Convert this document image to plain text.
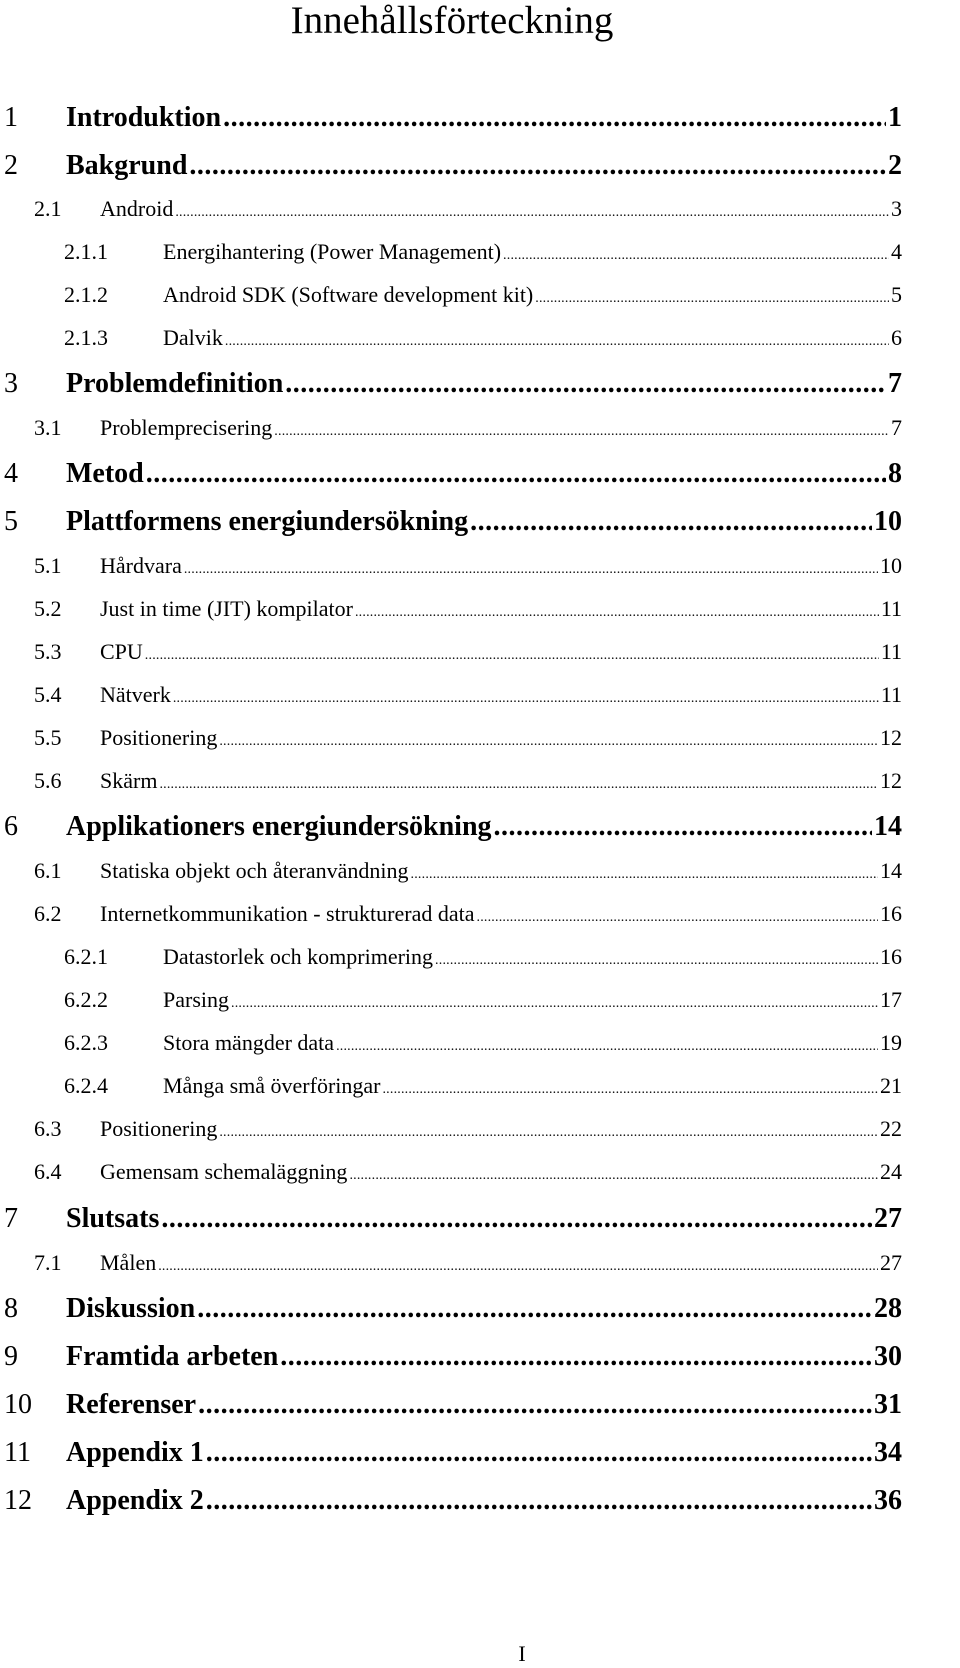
Innehållsförteckning
1 Introduktion .....	1
2 Bakgrund .....	2
2.1 Android .....	3
2.1.1	Energihantering (Power Management) .....	4
2.1.2	Android SDK (Software development kit) .....	5
2.1.3	Dalvik .....	6
3 Problemdefinition .....	7
3.1 Problemprecisering .....	7
4 Metod .....	8
5 Plattformens energiundersökning .....	10
5.1 Hårdvara .....	10
5.2 Just in time (JIT) kompilator .....	11
5.3 CPU .....	11
5.4 Nätverk .....	11
5.5 Positionering .....	12
5.6 Skärm .....	12
6 Applikationers energiundersökning .....	14
6.1 Statiska objekt och återanvändning .....	14
6.2 Internetkommunikation - strukturerad data .....	16
6.2.1	Datastorlek och komprimering .....	16
6.2.2	Parsing .....	17
6.2.3	Stora mängder data .....	19
6.2.4	Många små överföringar .....	21
6.3 Positionering .....	22
6.4 Gemensam schemaläggning .....	24
7 Slutsats .....	27
7.1 Målen .....	27
8 Diskussion .....	28
9 Framtida arbeten .....	30
10 Referenser .....	31
11 Appendix 1 .....	34
12 Appendix 2 .....	36
I
